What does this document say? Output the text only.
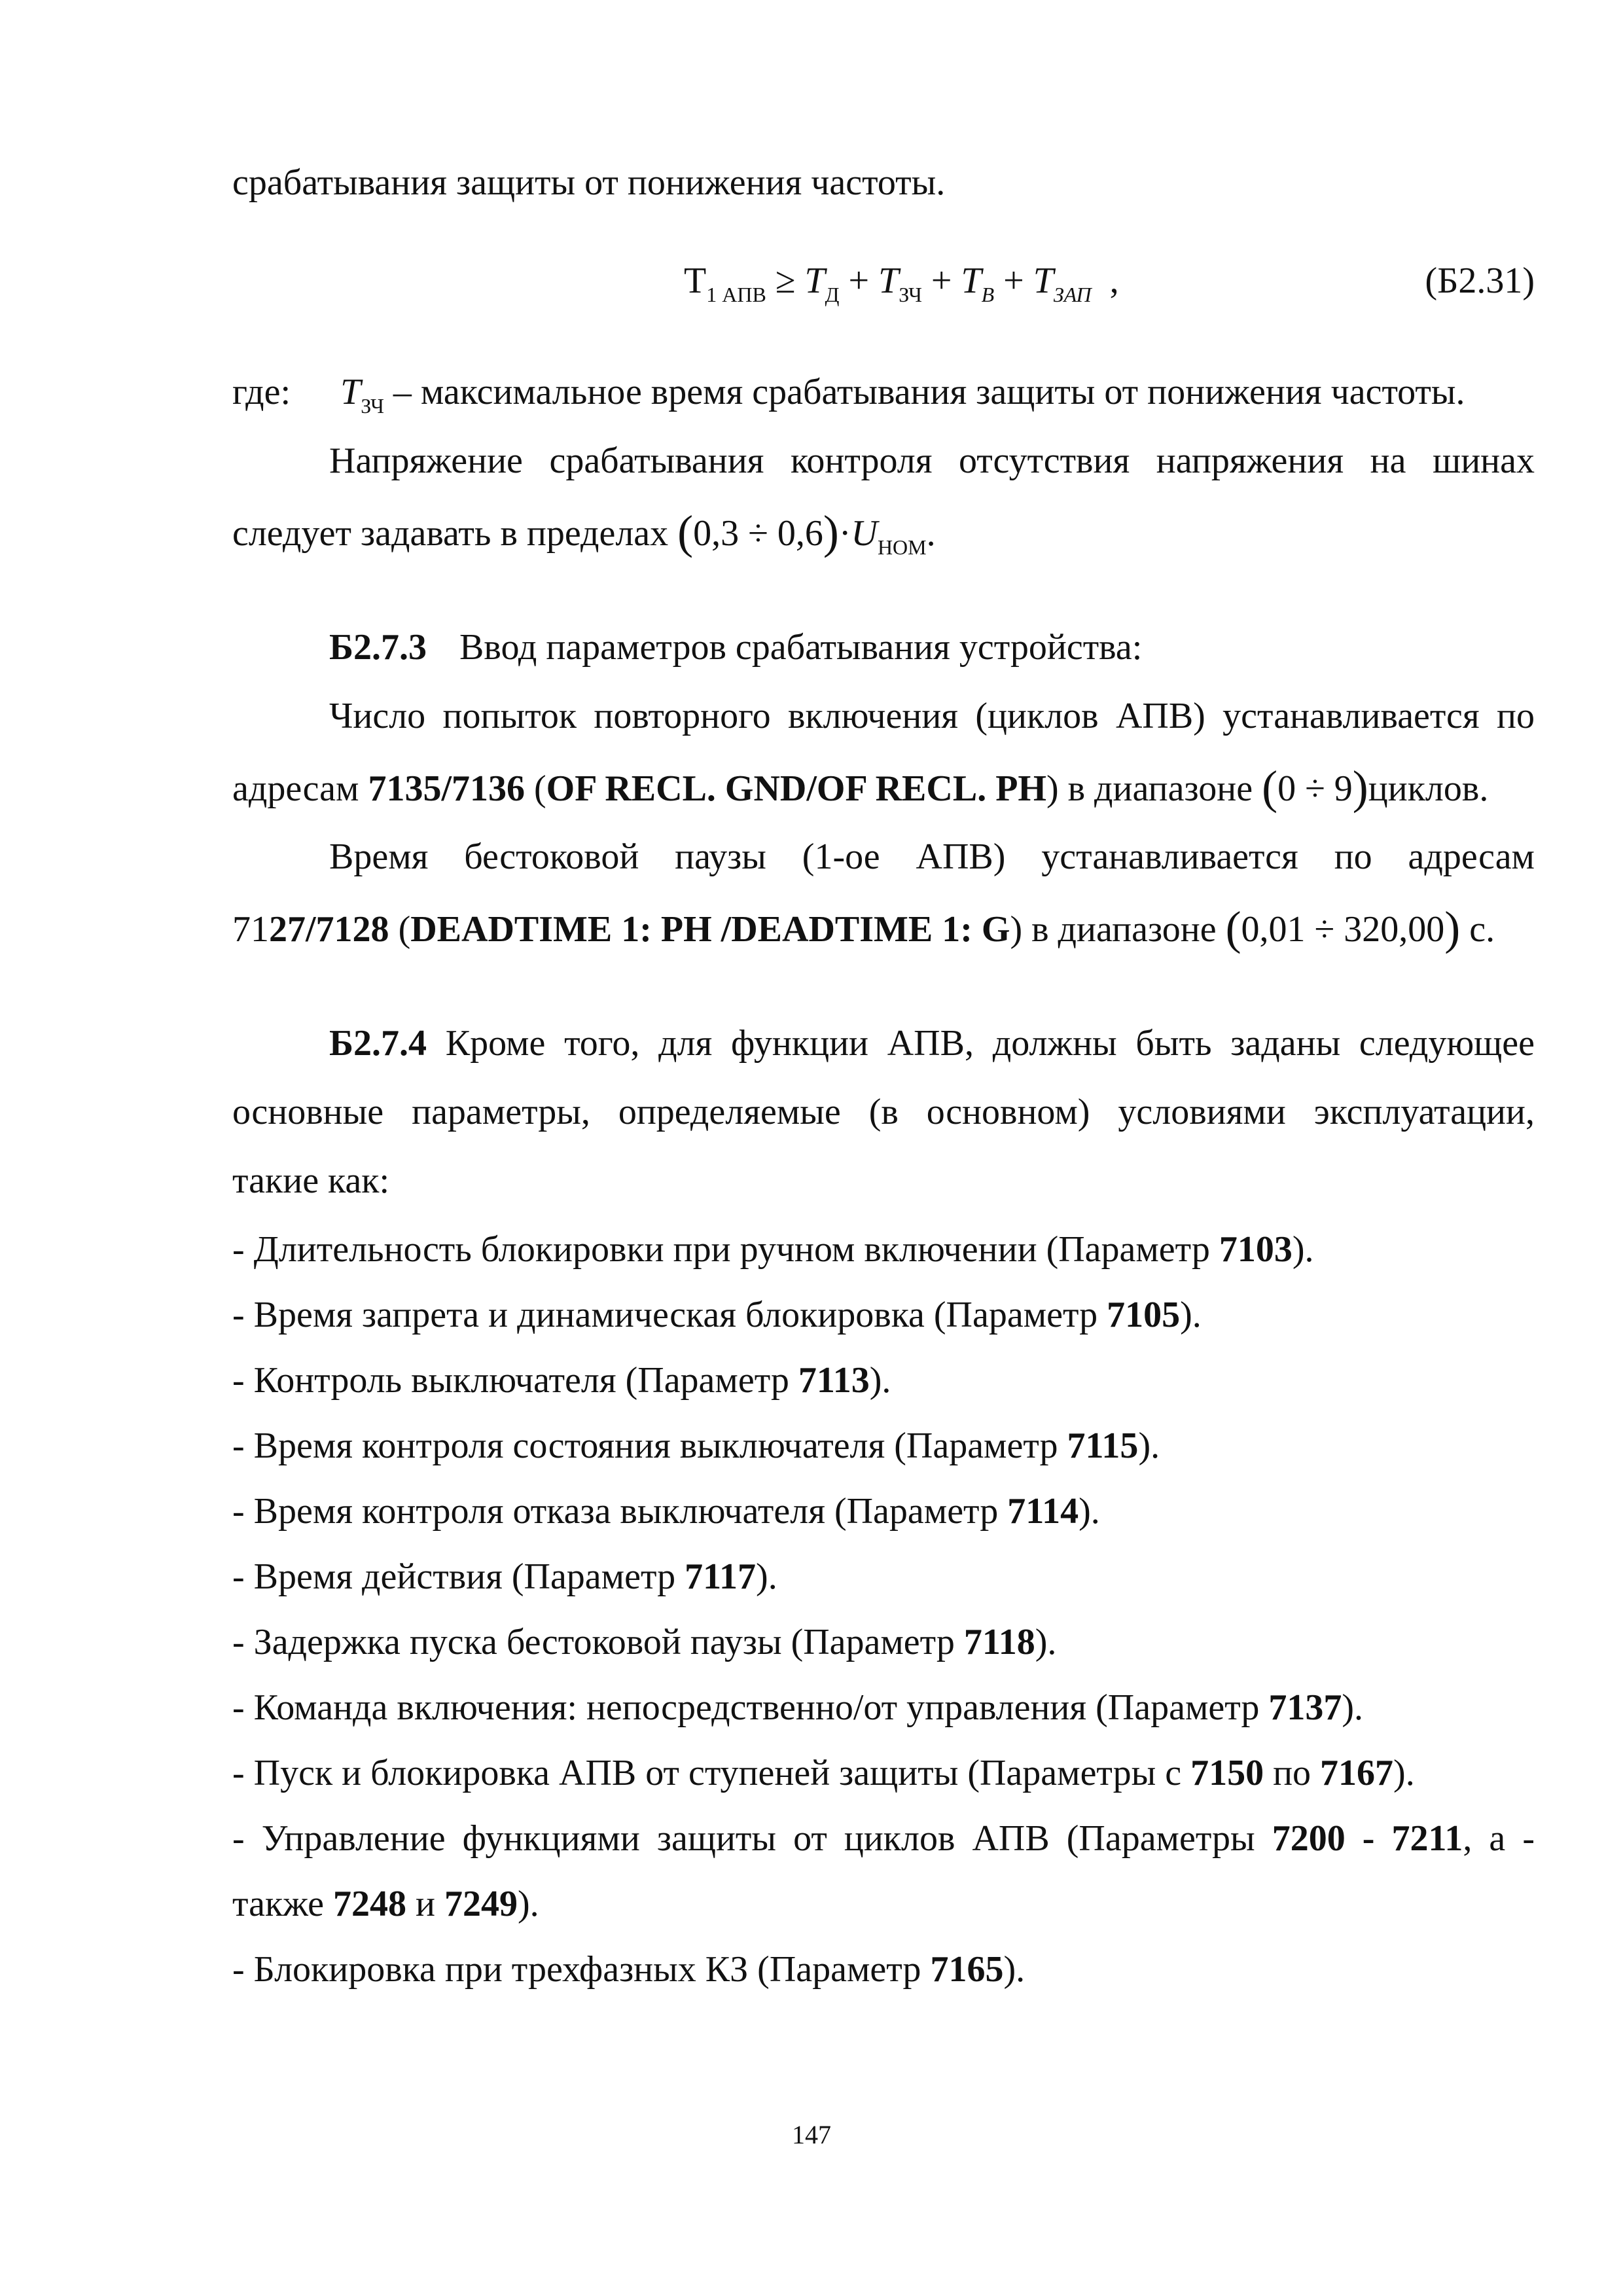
срабатывания защиты от понижения частоты.
$T_{1 АПВ} \ge T_Д + T_{ЗЧ} + T_В + T_{ЗАП}$ ,	(Б2.31)
где: $T_{ЗЧ}$ – максимальное время срабатывания защиты от понижения частоты.
Напряжение срабатывания контроля отсутствия напряжения на шинах
следует задавать в пределах $(0,3 \div 0,6)\cdot U_{НОМ}$.
Б2.7.3 Ввод параметров срабатывания устройства:
Число попыток повторного включения (циклов АПВ) устанавливается по
адресам 7135/7136 (OF RECL. GND/OF RECL. PH) в диапазоне (0 ÷ 9)циклов.
Время бестоковой паузы (1-ое АПВ) устанавливается по адресам
7127/7128 (DEADTIME 1: PH /DEADTIME 1: G) в диапазоне (0,01 ÷ 320,00) с.
Б2.7.4 Кроме того, для функции АПВ, должны быть заданы следующее
основные параметры, определяемые (в основном) условиями эксплуатации,
такие как:
- Длительность блокировки при ручном включении (Параметр 7103).
- Время запрета и динамическая блокировка (Параметр 7105).
- Контроль выключателя (Параметр 7113).
- Время контроля состояния выключателя (Параметр 7115).
- Время контроля отказа выключателя (Параметр 7114).
- Время действия (Параметр 7117).
- Задержка пуска бестоковой паузы (Параметр 7118).
- Команда включения: непосредственно/от управления (Параметр 7137).
- Пуск и блокировка АПВ от ступеней защиты (Параметры с 7150 по 7167).
- Управление функциями защиты от циклов АПВ (Параметры 7200 - 7211, а -
также 7248 и 7249).
- Блокировка при трехфазных КЗ (Параметр 7165).
147
